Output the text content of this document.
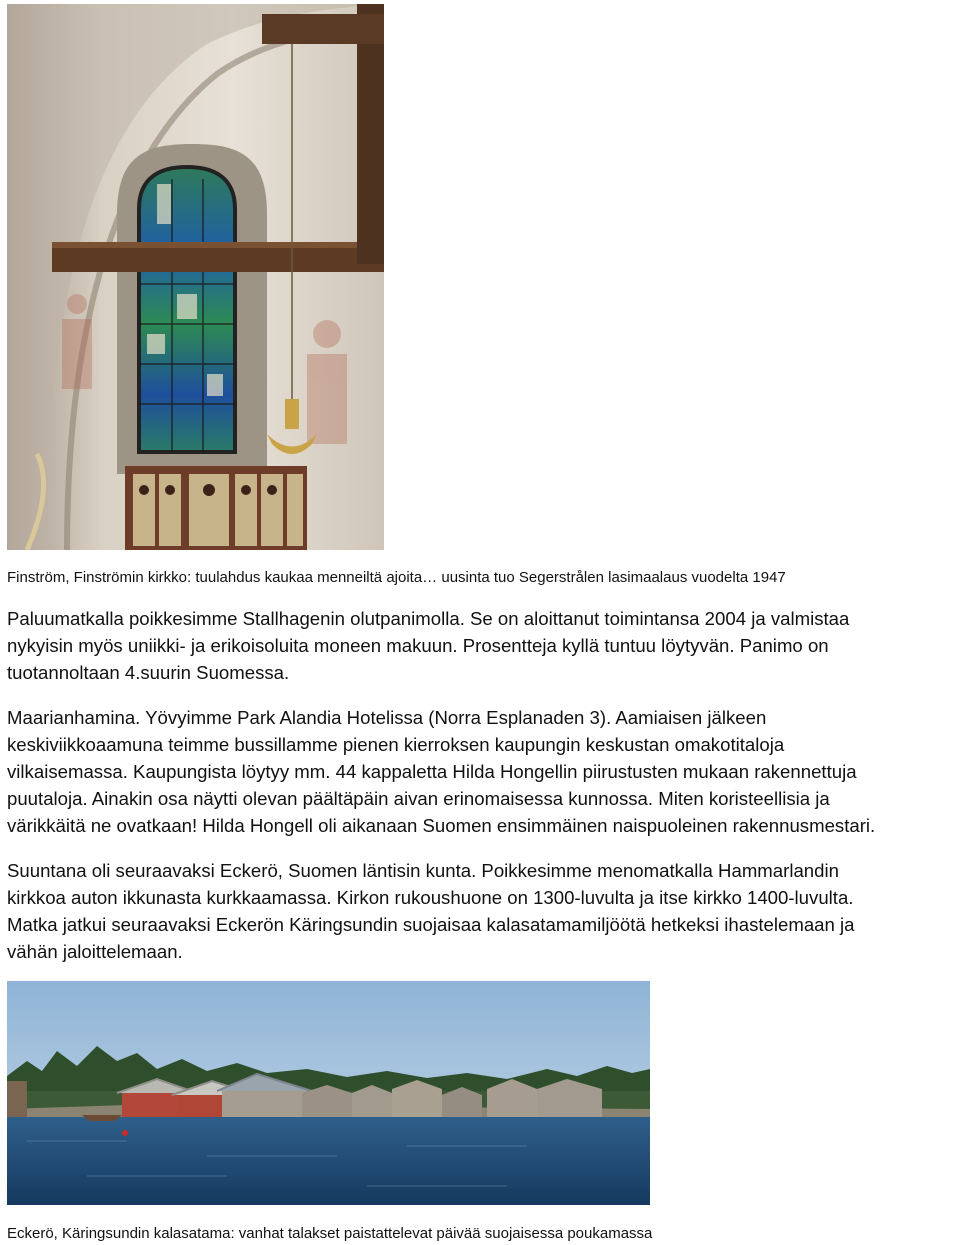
Finström, Finströmin kirkko: tuulahdus kaukaa menneiltä ajoita… uusinta tuo Segerstrålen lasimaalaus vuodelta 1947
Paluumatkalla poikkesimme Stallhagenin olutpanimolla. Se on aloittanut toimintansa 2004 ja valmistaa
nykyisin myös uniikki- ja erikoisoluita moneen makuun. Prosentteja kyllä tuntuu löytyvän. Panimo on
tuotannoltaan 4.suurin Suomessa.
Maarianhamina. Yövyimme Park Alandia Hotelissa (Norra Esplanaden 3). Aamiaisen jälkeen
keskiviikkoaamuna teimme bussillamme pienen kierroksen kaupungin keskustan omakotitaloja
vilkaisemassa. Kaupungista löytyy mm. 44 kappaletta Hilda Hongellin piirustusten mukaan rakennettuja
puutaloja. Ainakin osa näytti olevan päältäpäin aivan erinomaisessa kunnossa. Miten koristeellisia ja
värikkäitä ne ovatkaan! Hilda Hongell oli aikanaan Suomen ensimmäinen naispuoleinen rakennusmestari.
Suuntana oli seuraavaksi Eckerö, Suomen läntisin kunta. Poikkesimme menomatkalla Hammarlandin
kirkkoa auton ikkunasta kurkkaamassa. Kirkon rukoushuone on 1300-luvulta ja itse kirkko 1400-luvulta.
Matka jatkui seuraavaksi Eckerön Käringsundin suojaisaa kalasatamamiljöötä hetkeksi ihastelemaan ja
vähän jaloittelemaan.
Eckerö, Käringsundin kalasatama: vanhat talakset paistattelevat päivää suojaisessa poukamassa
